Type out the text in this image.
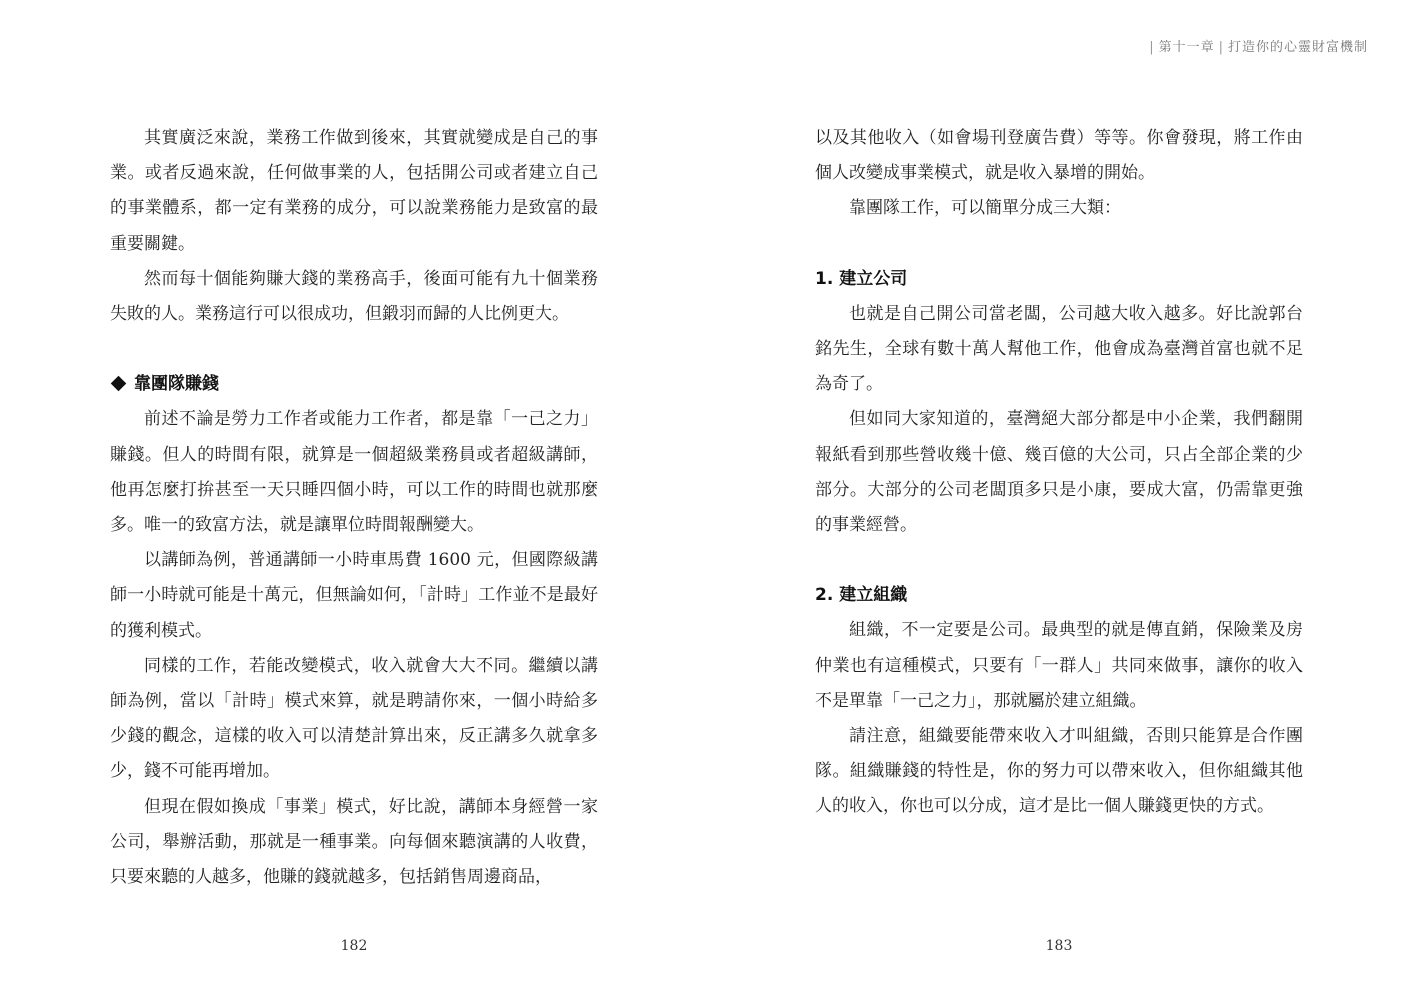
| 第十一章 | 打造你的心靈財富機制

其實廣泛來說，業務工作做到後來，其實就變成是自己的事業。或者反過來說，任何做事業的人，包括開公司或者建立自己的事業體系，都一定有業務的成分，可以說業務能力是致富的最重要關鍵。

然而每十個能夠賺大錢的業務高手，後面可能有九十個業務失敗的人。業務這行可以很成功，但鍛羽而歸的人比例更大。

靠團隊賺錢

前述不論是勞力工作者或能力工作者，都是靠「一己之力」賺錢。但人的時間有限，就算是一個超級業務員或者超級講師，他再怎麼打拚甚至一天只睡四個小時，可以工作的時間也就那麼多。唯一的致富方法，就是讓單位時間報酬變大。

以講師為例，普通講師一小時車馬費 1600 元，但國際級講師一小時就可能是十萬元，但無論如何，「計時」工作並不是最好的獲利模式。

同樣的工作，若能改變模式，收入就會大大不同。繼續以講師為例，當以「計時」模式來算，就是聘請你來，一個小時給多少錢的觀念，這樣的收入可以清楚計算出來，反正講多久就拿多少，錢不可能再增加。

但現在假如換成「事業」模式，好比說，講師本身經營一家公司，舉辦活動，那就是一種事業。向每個來聽演講的人收費，只要來聽的人越多，他賺的錢就越多，包括銷售周邊商品，

182

以及其他收入（如會場刊登廣告費）等等。你會發現，將工作由個人改變成事業模式，就是收入暴增的開始。

靠團隊工作，可以簡單分成三大類：

1. 建立公司

也就是自己開公司當老闆，公司越大收入越多。好比說郭台銘先生，全球有數十萬人幫他工作，他會成為臺灣首富也就不足為奇了。

但如同大家知道的，臺灣絕大部分都是中小企業，我們翻開報紙看到那些營收幾十億、幾百億的大公司，只占全部企業的少部分。大部分的公司老闆頂多只是小康，要成大富，仍需靠更強的事業經營。

2. 建立組織

組織，不一定要是公司。最典型的就是傳直銷，保險業及房仲業也有這種模式，只要有「一群人」共同來做事，讓你的收入不是單靠「一己之力」，那就屬於建立組織。

請注意，組織要能帶來收入才叫組織，否則只能算是合作團隊。組織賺錢的特性是，你的努力可以帶來收入，但你組織其他人的收入，你也可以分成，這才是比一個人賺錢更快的方式。

183
